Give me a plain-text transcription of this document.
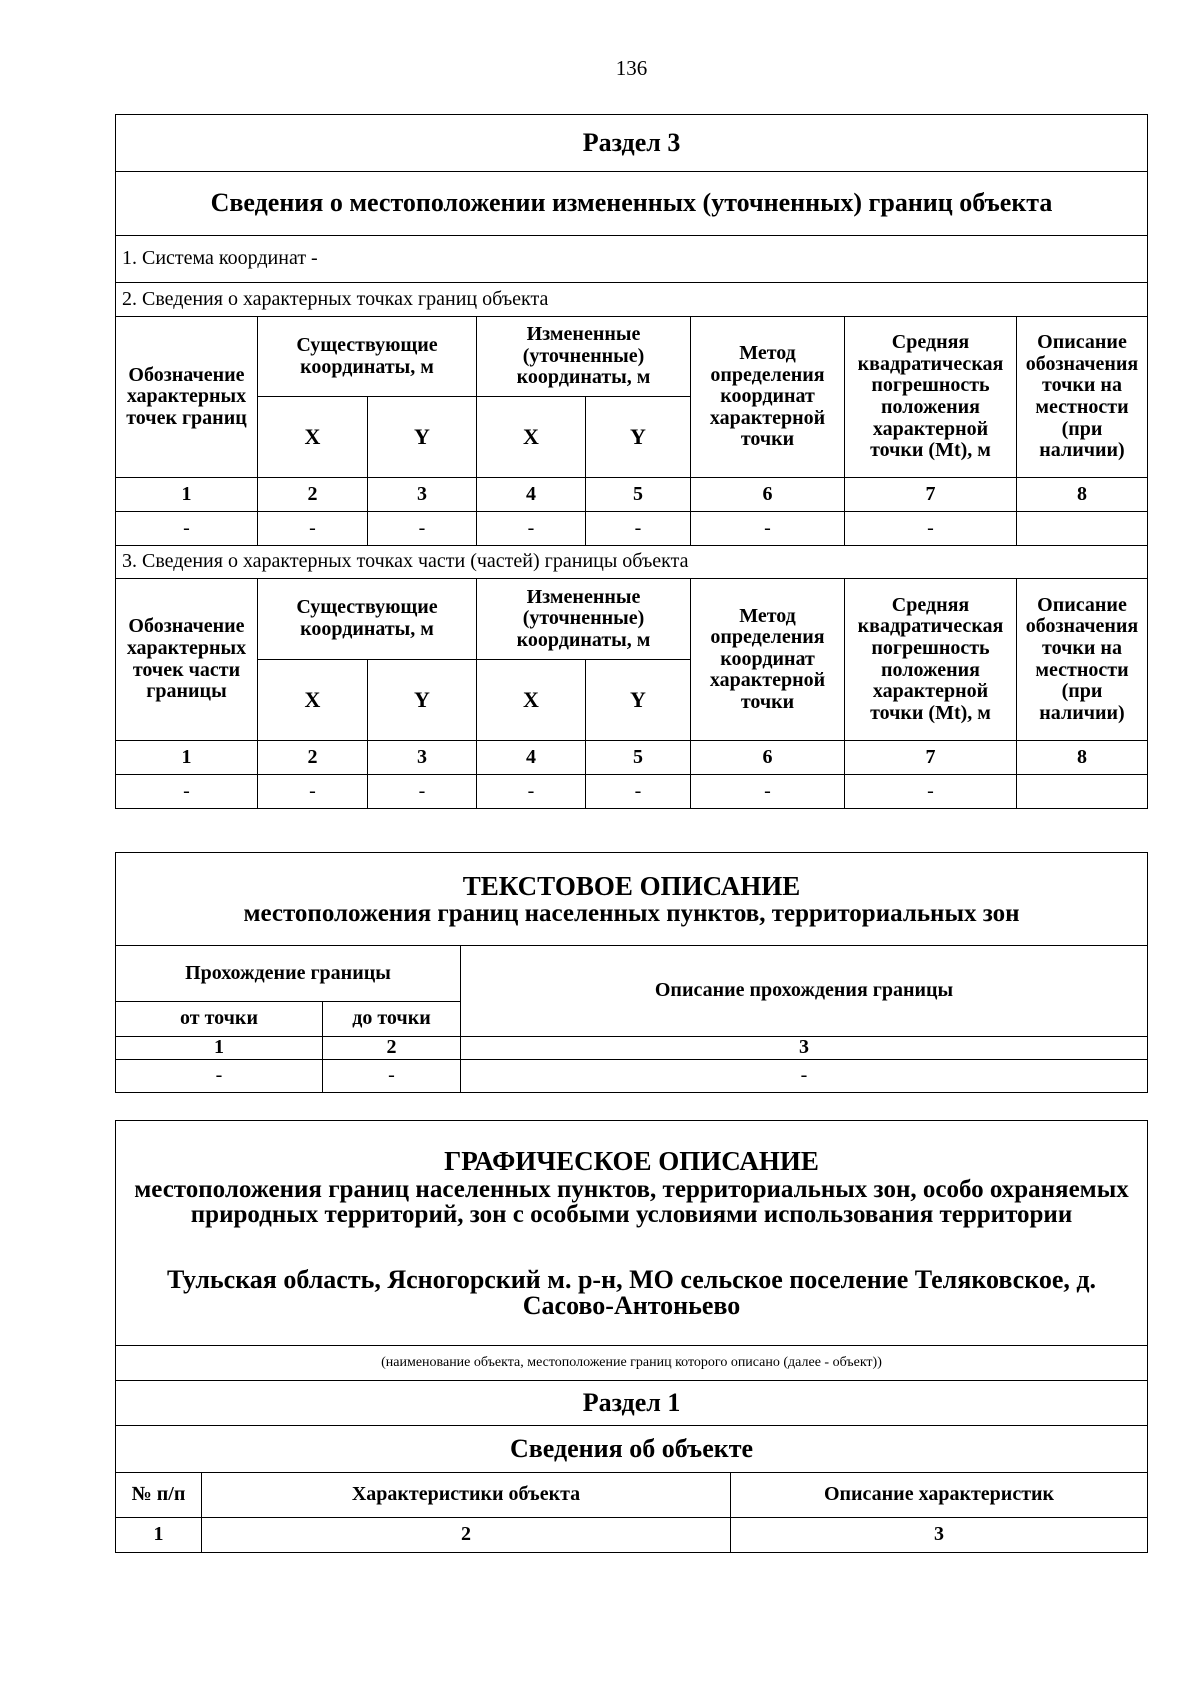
136
Раздел 3							
Сведения о местоположении измененных (уточненных) границ объекта							
1. Система координат -							
2. Сведения о характерных точках границ объекта							
Обозначение характерных точек границ	Существующие координаты, м		Измененные (уточненные) координаты, м		Метод определения координат характерной точки	Средняя квадратическая погрешность положения характерной точки (Mt), м	Описание обозначения точки на местности (при наличии)
	X	Y	X	Y			
1	2	3	4	5	6	7	8
-	-	-	-	-	-	-	
3. Сведения о характерных точках части (частей) границы объекта							
Обозначение характерных точек части границы	Существующие координаты, м		Измененные (уточненные) координаты, м		Метод определения координат характерной точки	Средняя квадратическая погрешность положения характерной точки (Mt), м	Описание обозначения точки на местности (при наличии)
	X	Y	X	Y			
1	2	3	4	5	6	7	8
-	-	-	-	-	-	-	
ТЕКСТОВОЕ ОПИСАНИЕ
местоположения границ населенных пунктов, территориальных зон		

Прохождение границы		Описание прохождения границы
от точки	до точки	
1	2	3
-	-	-
ГРАФИЧЕСКОЕ ОПИСАНИЕ
местоположения границ населенных пунктов, территориальных зон, особо охраняемых природных территорий, зон с особыми условиями использования территории
Тульская область, Ясногорский м. р-н, МО сельское поселение Теляковское, д. Сасово-Антоньево		

(наименование объекта, местоположение границ которого описано (далее - объект))		
Раздел 1		
Сведения об объекте		
№ п/п	Характеристики объекта	Описание характеристик
1	2	3
